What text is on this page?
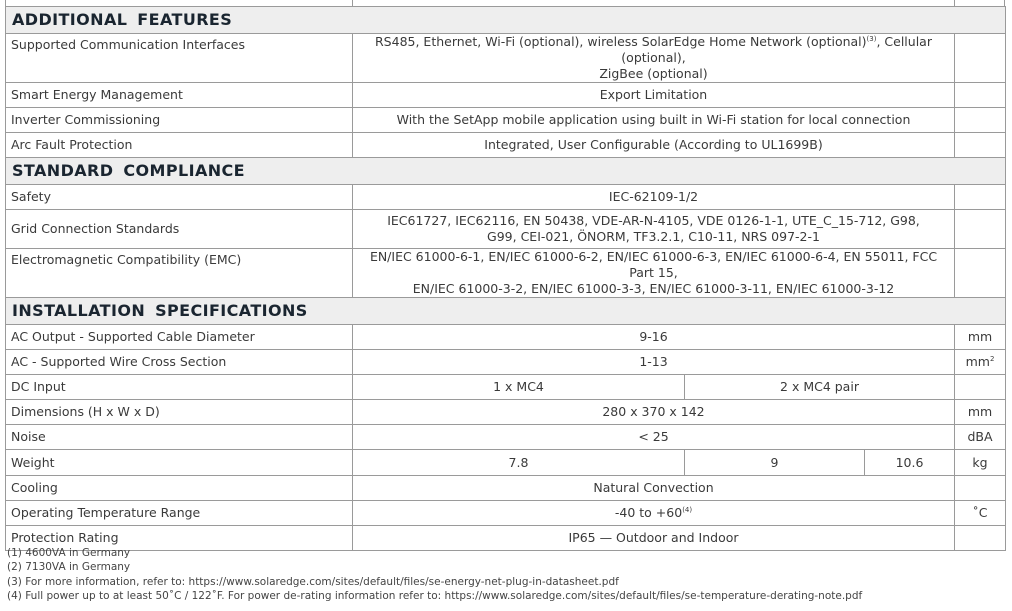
ADDITIONAL FEATURES				
Supported Communication Interfaces	RS485, Ethernet, Wi-Fi (optional), wireless SolarEdge Home Network (optional)$^{(3)}$, Cellular (optional),
ZigBee (optional)			
Smart Energy Management	Export Limitation			
Inverter Commissioning	With the SetApp mobile application using built in Wi-Fi station for local connection			
Arc Fault Protection	Integrated, User Configurable (According to UL1699B)			
STANDARD COMPLIANCE				
Safety	IEC-62109-1/2			
Grid Connection Standards	IEC61727, IEC62116, EN 50438, VDE-AR-N-4105, VDE 0126-1-1, UTE_C_15-712, G98,
G99, CEI-021, ÖNORM, TF3.2.1, C10-11, NRS 097-2-1			
Electromagnetic Compatibility (EMC)	EN/IEC 61000-6-1, EN/IEC 61000-6-2, EN/IEC 61000-6-3, EN/IEC 61000-6-4, EN 55011, FCC Part 15,
EN/IEC 61000-3-2, EN/IEC 61000-3-3, EN/IEC 61000-3-11, EN/IEC 61000-3-12			
INSTALLATION SPECIFICATIONS				
AC Output - Supported Cable Diameter	9-16			mm
AC - Supported Wire Cross Section	1-13			$mm^2$
DC Input	1 x MC4	2 x MC4 pair		
Dimensions (H x W x D)	280 x 370 x 142			mm
Noise	< 25			dBA
Weight	7.8	9	10.6	kg
Cooling	Natural Convection			
Operating Temperature Range	-40 to $+60^{(4)}$			˚C
Protection Rating	IP65 — Outdoor and Indoor			
(1) 4600VA in Germany
(2) 7130VA in Germany
(3) For more information, refer to: https://www.solaredge.com/sites/default/files/se-energy-net-plug-in-datasheet.pdf
(4) Full power up to at least 50˚C / 122˚F. For power de-rating information refer to: https://www.solaredge.com/sites/default/files/se-temperature-derating-note.pdf
